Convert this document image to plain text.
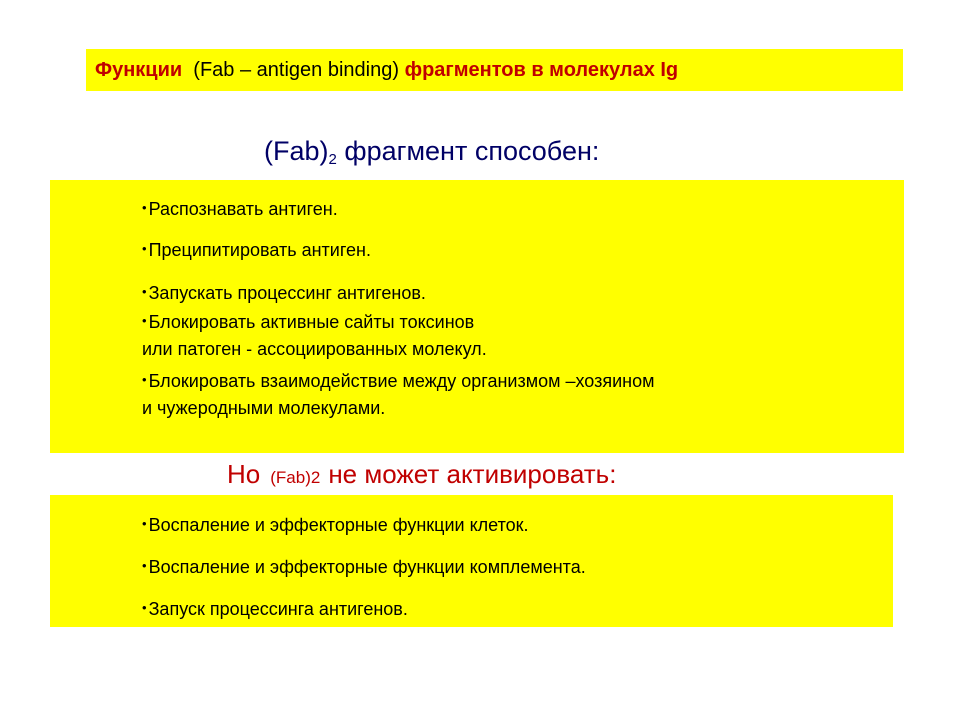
Функции
(Fab – antigen binding)
фрагментов в молекулах Ig
$(Fab)_2$ фрагмент способен:
• Распознавать антиген.
• Преципитировать антиген.
• Запускать процессинг антигенов.
• Блокировать активные сайты токсинов
или патоген - ассоциированных молекул.
• Блокировать взаимодействие между организмом –хозяином
и чужеродными молекулами.
Но (Fab)2 не может активировать:
• Воспаление и эффекторные функции клеток.
• Воспаление и эффекторные функции комплемента.
• Запуск процессинга антигенов.
